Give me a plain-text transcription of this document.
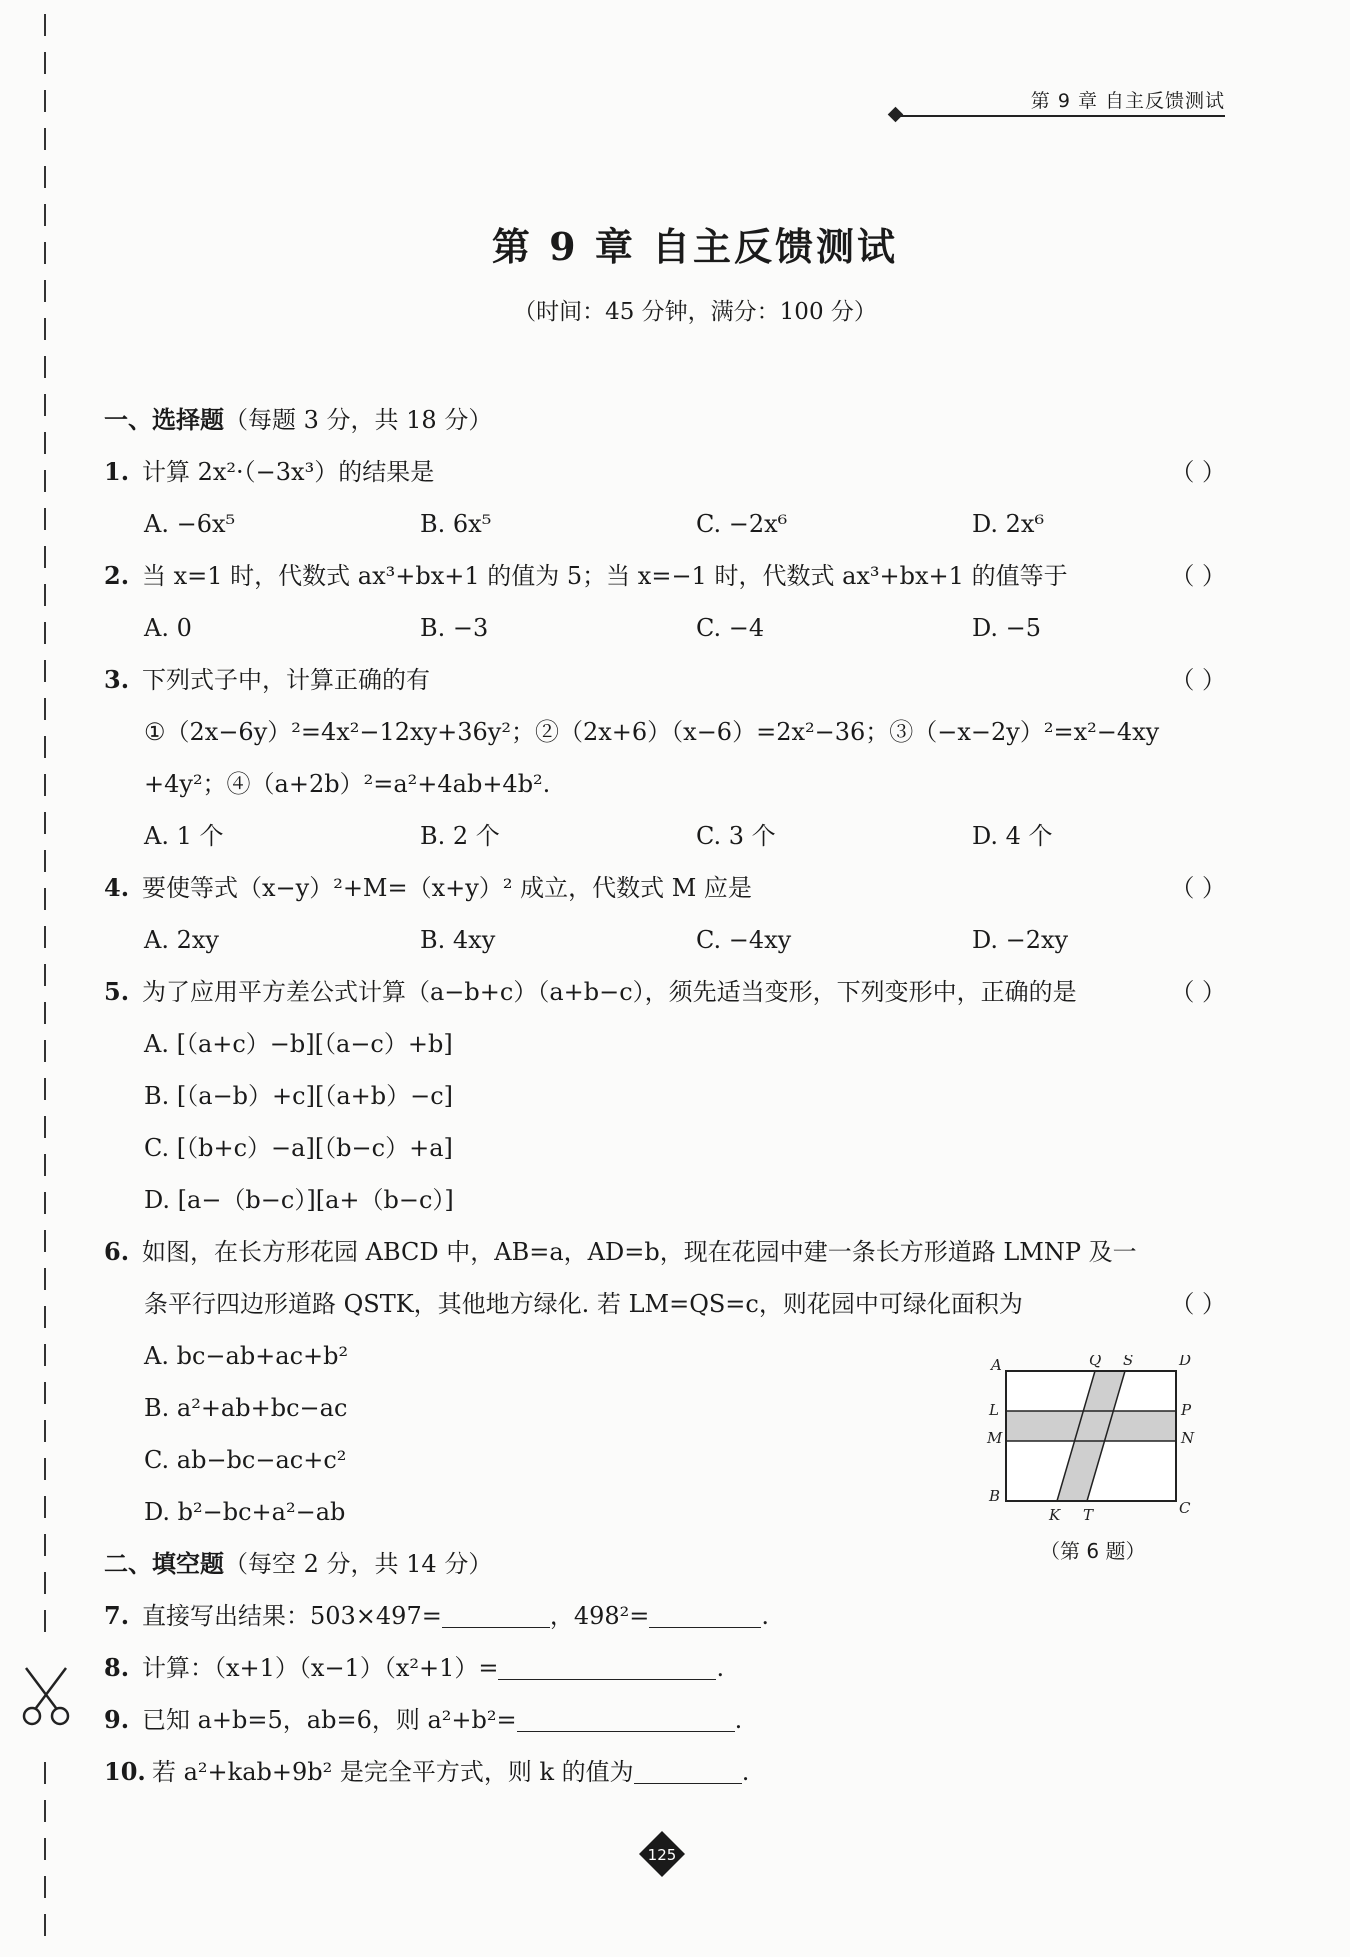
第 9 章 自主反馈测试
第 9 章 自主反馈测试
（时间：45 分钟，满分：100 分）
一、选择题（每题 3 分，共 18 分）
1. 计算 2x²·（−3x³）的结果是	（ ）
A. −6x⁵	B. 6x⁵	C. −2x⁶	D. 2x⁶
2. 当 x=1 时，代数式 ax³+bx+1 的值为 5；当 x=−1 时，代数式 ax³+bx+1 的值等于	（ ）
A. 0	B. −3	C. −4	D. −5
3. 下列式子中，计算正确的有	（ ）
①（2x−6y）²=4x²−12xy+36y²；②（2x+6）（x−6）=2x²−36；③（−x−2y）²=x²−4xy
+4y²；④（a+2b）²=a²+4ab+4b².
A. 1 个	B. 2 个	C. 3 个	D. 4 个
4. 要使等式（x−y）²+M=（x+y）² 成立，代数式 M 应是	（ ）
A. 2xy	B. 4xy	C. −4xy	D. −2xy
5. 为了应用平方差公式计算（a−b+c）（a+b−c），须先适当变形，下列变形中，正确的是	（ ）
A. [（a+c）−b][（a−c）+b]
B. [（a−b）+c][（a+b）−c]
C. [（b+c）−a][（b−c）+a]
D. [a−（b−c）][a+（b−c）]
6. 如图，在长方形花园 ABCD 中，AB=a，AD=b，现在花园中建一条长方形道路 LMNP 及一
条平行四边形道路 QSTK，其他地方绿化. 若 LM=QS=c，则花园中可绿化面积为	（ ）
A. bc−ab+ac+b²
B. a²+ab+bc−ac
C. ab−bc−ac+c²
D. b²−bc+a²−ab
二、填空题（每空 2 分，共 14 分）
7. 直接写出结果：503×497=	，498²=	.
8. 计算：（x+1）（x−1）（x²+1）=	.
9. 已知 a+b=5，ab=6，则 a²+b²=	.
10. 若 a²+kab+9b² 是完全平方式，则 k 的值为	.
A	Q S	D
L	P
M	N
B
K T	C
（第 6 题）
125
